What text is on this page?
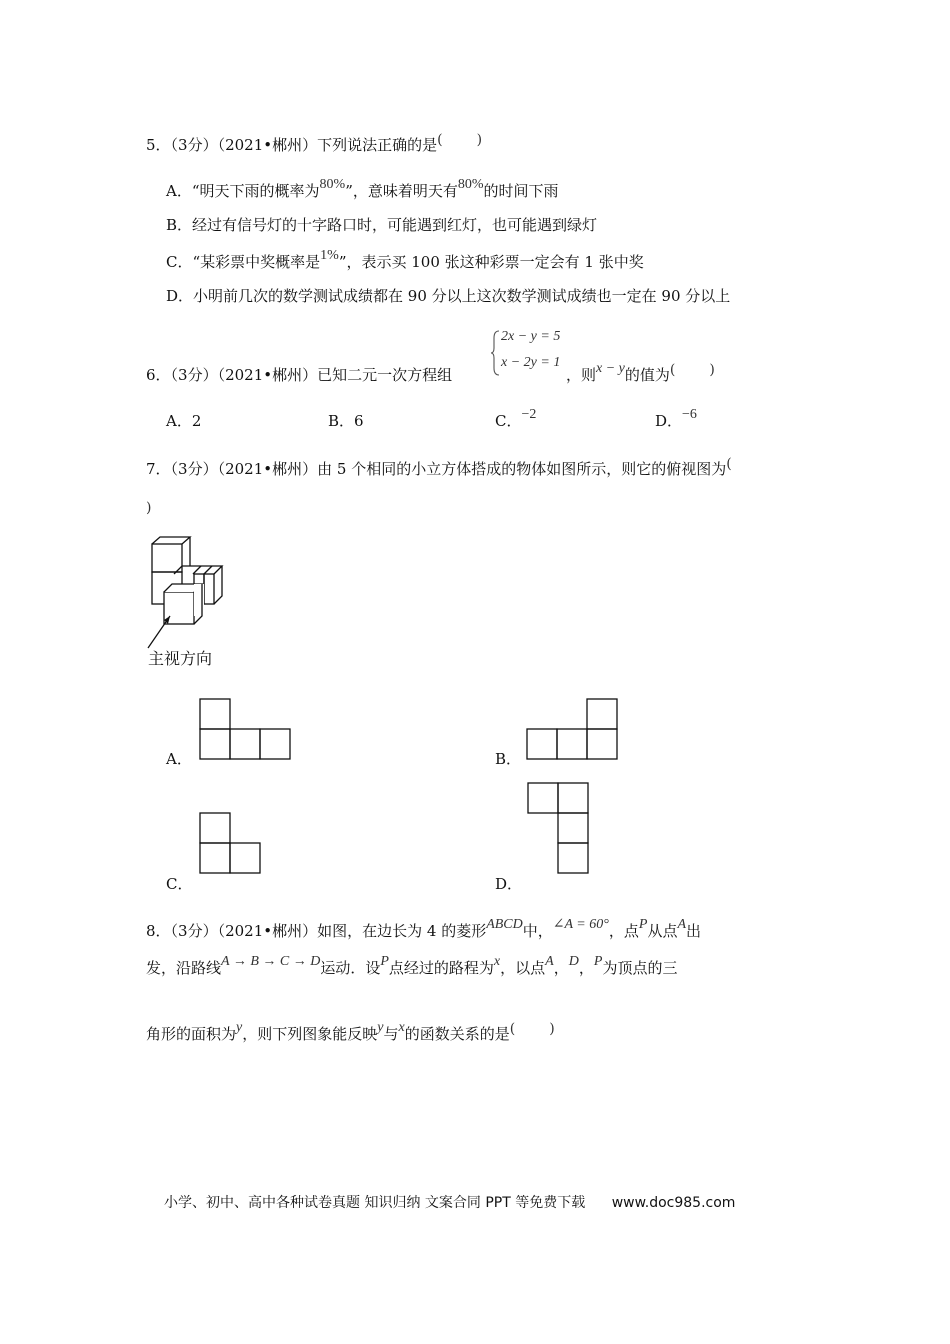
5．（3分）（2021•郴州）下列说法正确的是( )
A．“明天下雨的概率为80%”，意味着明天有80%的时间下雨
B．经过有信号灯的十字路口时，可能遇到红灯，也可能遇到绿灯
C．“某彩票中奖概率是1%”，表示买 100 张这种彩票一定会有 1 张中奖
D．小明前几次的数学测试成绩都在 90 分以上这次数学测试成绩也一定在 90 分以上
6．（3分）（2021•郴州）已知二元一次方程组
2x − y = 5
x − 2y = 1
，则x − y的值为( )
A．2	B．6	C．−2	D．−6
7．（3分）（2021•郴州）由 5 个相同的小立方体搭成的物体如图所示，则它的俯视图为(
)
主视方向
A．	B．
C．	D．
8．（3分）（2021•郴州）如图，在边长为 4 的菱形ABCD中，∠A = 60°，点P从点A出
发，沿路线A → B → C → D运动．设P点经过的路程为x，以点A，D，P为顶点的三
角形的面积为y，则下列图象能反映y与x的函数关系的是( )
小学、初中、高中各种试卷真题 知识归纳 文案合同 PPT 等免费下载 www.doc985.com
